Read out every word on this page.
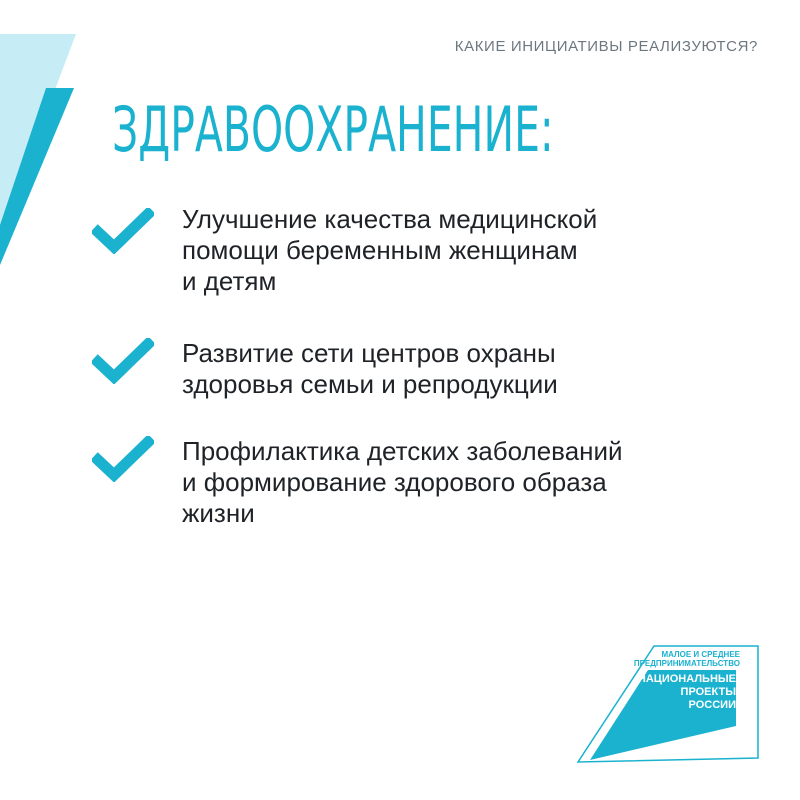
КАКИЕ ИНИЦИАТИВЫ РЕАЛИЗУЮТСЯ?
ЗДРАВООХРАНЕНИЕ:

Улучшение качества медицинской
помощи беременным женщинам
и детям

Развитие сети центров охраны
здоровья семьи и репродукции

Профилактика детских заболеваний
и формирование здорового образа
жизни

МАЛОЕ И СРЕДНЕЕ
ПРЕДПРИНИМАТЕЛЬСТВО
НАЦИОНАЛЬНЫЕ
ПРОЕКТЫ
РОССИИ
